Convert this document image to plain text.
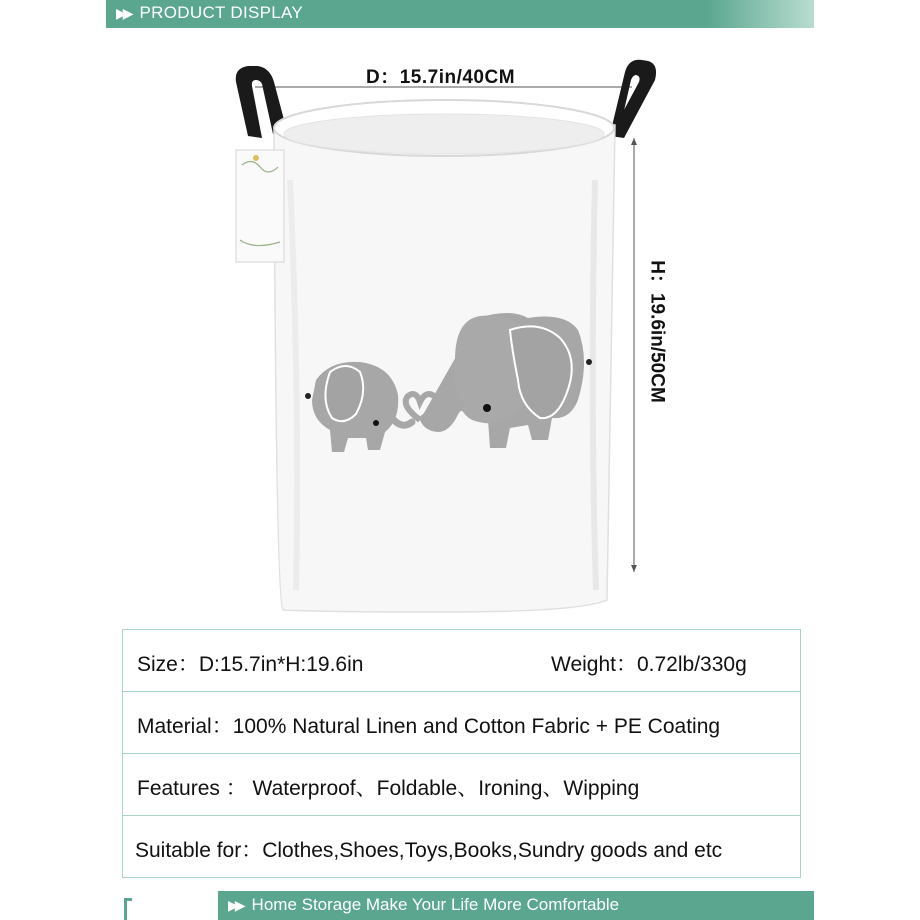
▶▶ PRODUCT DISPLAY
D：15.7in/40CM
H：19.6in/50CM
Size：D:15.7in*H:19.6in	Weight：0.72lb/330g
Material：100% Natural Linen and Cotton Fabric + PE Coating
Features ： Waterproof、Foldable、Ironing、Wipping
Suitable for：Clothes,Shoes,Toys,Books,Sundry goods and etc
▶▶ Home Storage Make Your Life More Comfortable
